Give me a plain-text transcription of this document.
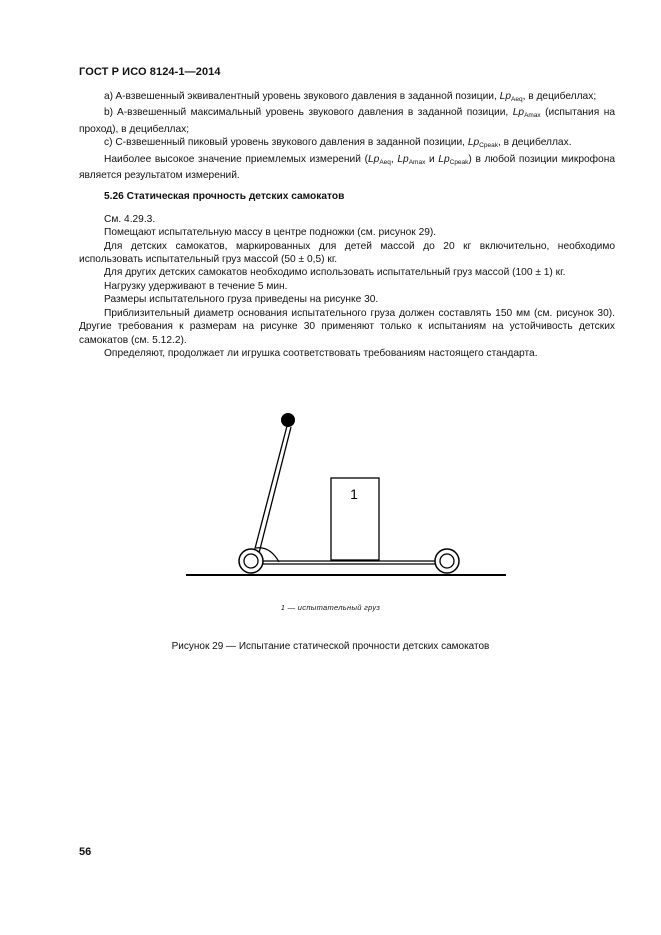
ГОСТ Р ИСО 8124-1—2014

a) A-взвешенный эквивалентный уровень звукового давления в заданной позиции, $Lp_{Aeq}$, в децибеллах;

b) A-взвешенный максимальный уровень звукового давления в заданной позиции, $Lp_{Amax}$ (испытания на проход), в децибеллах;

c) C-взвешенный пиковый уровень звукового давления в заданной позиции, $Lp_{Cpeak}$, в децибеллах.

Наиболее высокое значение приемлемых измерений ($Lp_{Aeq}$, $Lp_{Amax}$ и $Lp_{Cpeak}$) в любой позиции микрофона является результатом измерений.

5.26 Статическая прочность детских самокатов

См. 4.29.3.

Помещают испытательную массу в центре подножки (см. рисунок 29).

Для детских самокатов, маркированных для детей массой до 20 кг включительно, необходимо использовать испытательный груз массой (50 ± 0,5) кг.

Для других детских самокатов необходимо использовать испытательный груз массой (100 ± 1) кг.

Нагрузку удерживают в течение 5 мин.

Размеры испытательного груза приведены на рисунке 30.

Приблизительный диаметр основания испытательного груза должен составлять 150 мм (см. рисунок 30). Другие требования к размерам на рисунке 30 применяют только к испытаниям на устойчивость детских самокатов (см. 5.12.2).

Определяют, продолжает ли игрушка соответствовать требованиям настоящего стандарта.

1
1 — испытательный груз
Рисунок 29 — Испытание статической прочности детских самокатов
56
